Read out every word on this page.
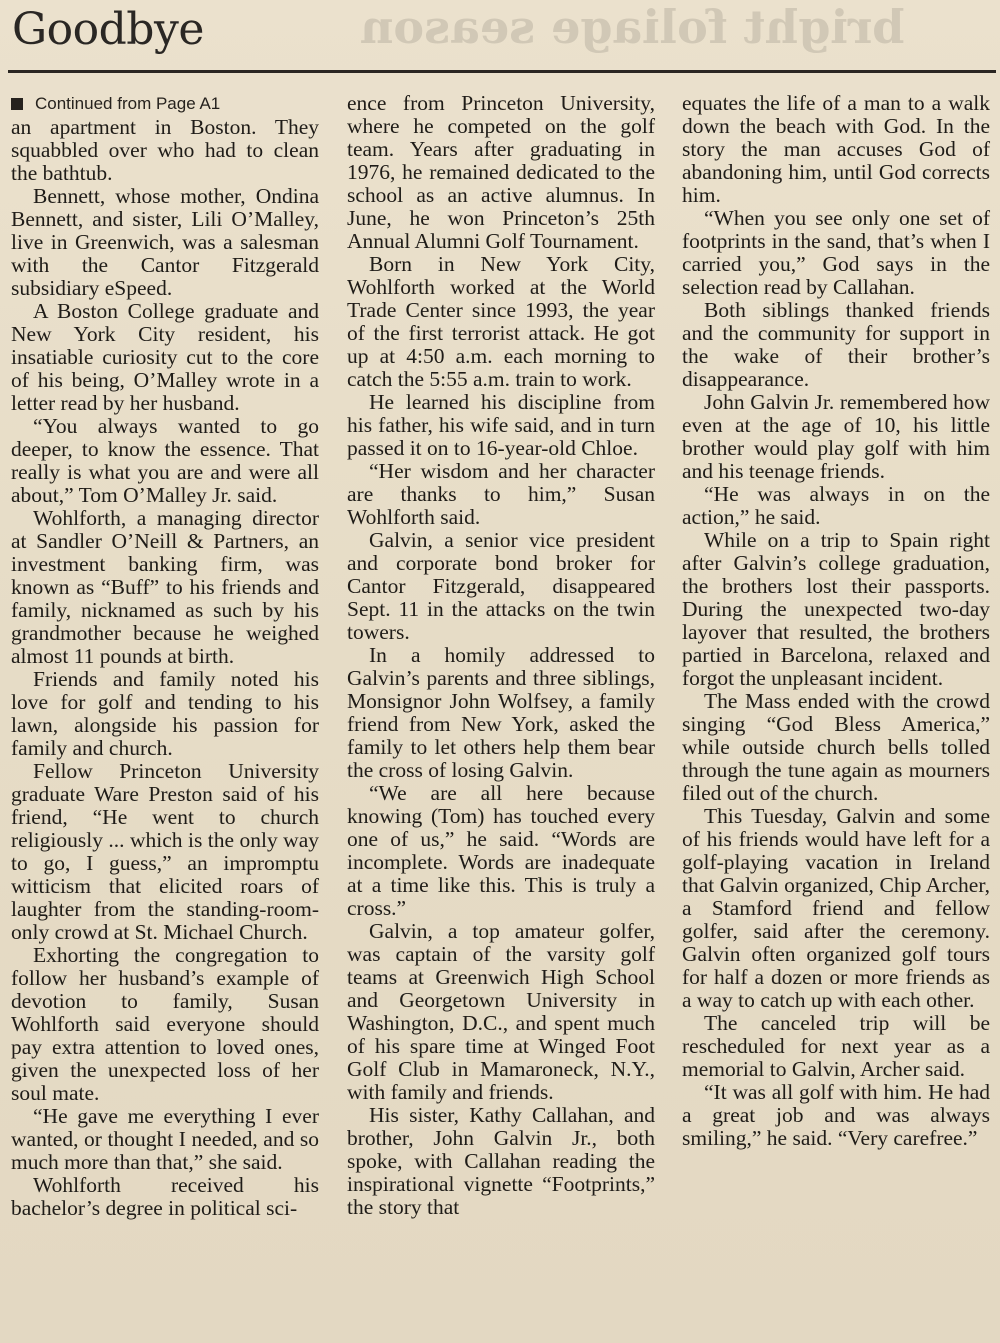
Goodbye	bright foliage season
Continued from Page A1

an apartment in Boston. They squabbled over who had to clean the bathtub.

Bennett, whose mother, Ondina Bennett, and sister, Lili O’Malley, live in Greenwich, was a salesman with the Cantor Fitzgerald subsidiary eSpeed.

A Boston College graduate and New York City resident, his insatiable curiosity cut to the core of his being, O’Malley wrote in a letter read by her husband.

“You always wanted to go deeper, to know the essence. That really is what you are and were all about,” Tom O’Malley Jr. said.

Wohlforth, a managing director at Sandler O’Neill & Partners, an investment banking firm, was known as “Buff” to his friends and family, nicknamed as such by his grandmother because he weighed almost 11 pounds at birth.

Friends and family noted his love for golf and tending to his lawn, alongside his passion for family and church.

Fellow Princeton University graduate Ware Preston said of his friend, “He went to church religiously ... which is the only way to go, I guess,” an impromptu witticism that elicited roars of laughter from the standing-room-only crowd at St. Michael Church.

Exhorting the congregation to follow her husband’s example of devotion to family, Susan Wohlforth said everyone should pay extra attention to loved ones, given the unexpected loss of her soul mate.

“He gave me everything I ever wanted, or thought I needed, and so much more than that,” she said.

Wohlforth received his bachelor’s degree in political sci-

ence from Princeton University, where he competed on the golf team. Years after graduating in 1976, he remained dedicated to the school as an active alumnus. In June, he won Princeton’s 25th Annual Alumni Golf Tournament.

Born in New York City, Wohlforth worked at the World Trade Center since 1993, the year of the first terrorist attack. He got up at 4:50 a.m. each morning to catch the 5:55 a.m. train to work.

He learned his discipline from his father, his wife said, and in turn passed it on to 16-year-old Chloe.

“Her wisdom and her character are thanks to him,” Susan Wohlforth said.

Galvin, a senior vice president and corporate bond broker for Cantor Fitzgerald, disappeared Sept. 11 in the attacks on the twin towers.

In a homily addressed to Galvin’s parents and three siblings, Monsignor John Wolfsey, a family friend from New York, asked the family to let others help them bear the cross of losing Galvin.

“We are all here because knowing (Tom) has touched every one of us,” he said. “Words are incomplete. Words are inadequate at a time like this. This is truly a cross.”

Galvin, a top amateur golfer, was captain of the varsity golf teams at Greenwich High School and Georgetown University in Washington, D.C., and spent much of his spare time at Winged Foot Golf Club in Mamaroneck, N.Y., with family and friends.

His sister, Kathy Callahan, and brother, John Galvin Jr., both spoke, with Callahan reading the inspirational vignette “Footprints,” the story that

equates the life of a man to a walk down the beach with God. In the story the man accuses God of abandoning him, until God corrects him.

“When you see only one set of footprints in the sand, that’s when I carried you,” God says in the selection read by Callahan.

Both siblings thanked friends and the community for support in the wake of their brother’s disappearance.

John Galvin Jr. remembered how even at the age of 10, his little brother would play golf with him and his teenage friends.

“He was always in on the action,” he said.

While on a trip to Spain right after Galvin’s college graduation, the brothers lost their passports. During the unexpected two-day layover that resulted, the brothers partied in Barcelona, relaxed and forgot the unpleasant incident.

The Mass ended with the crowd singing “God Bless America,” while outside church bells tolled through the tune again as mourners filed out of the church.

This Tuesday, Galvin and some of his friends would have left for a golf-playing vacation in Ireland that Galvin organized, Chip Archer, a Stamford friend and fellow golfer, said after the ceremony. Galvin often organized golf tours for half a dozen or more friends as a way to catch up with each other.

The canceled trip will be rescheduled for next year as a memorial to Galvin, Archer said.

“It was all golf with him. He had a great job and was always smiling,” he said. “Very carefree.”
